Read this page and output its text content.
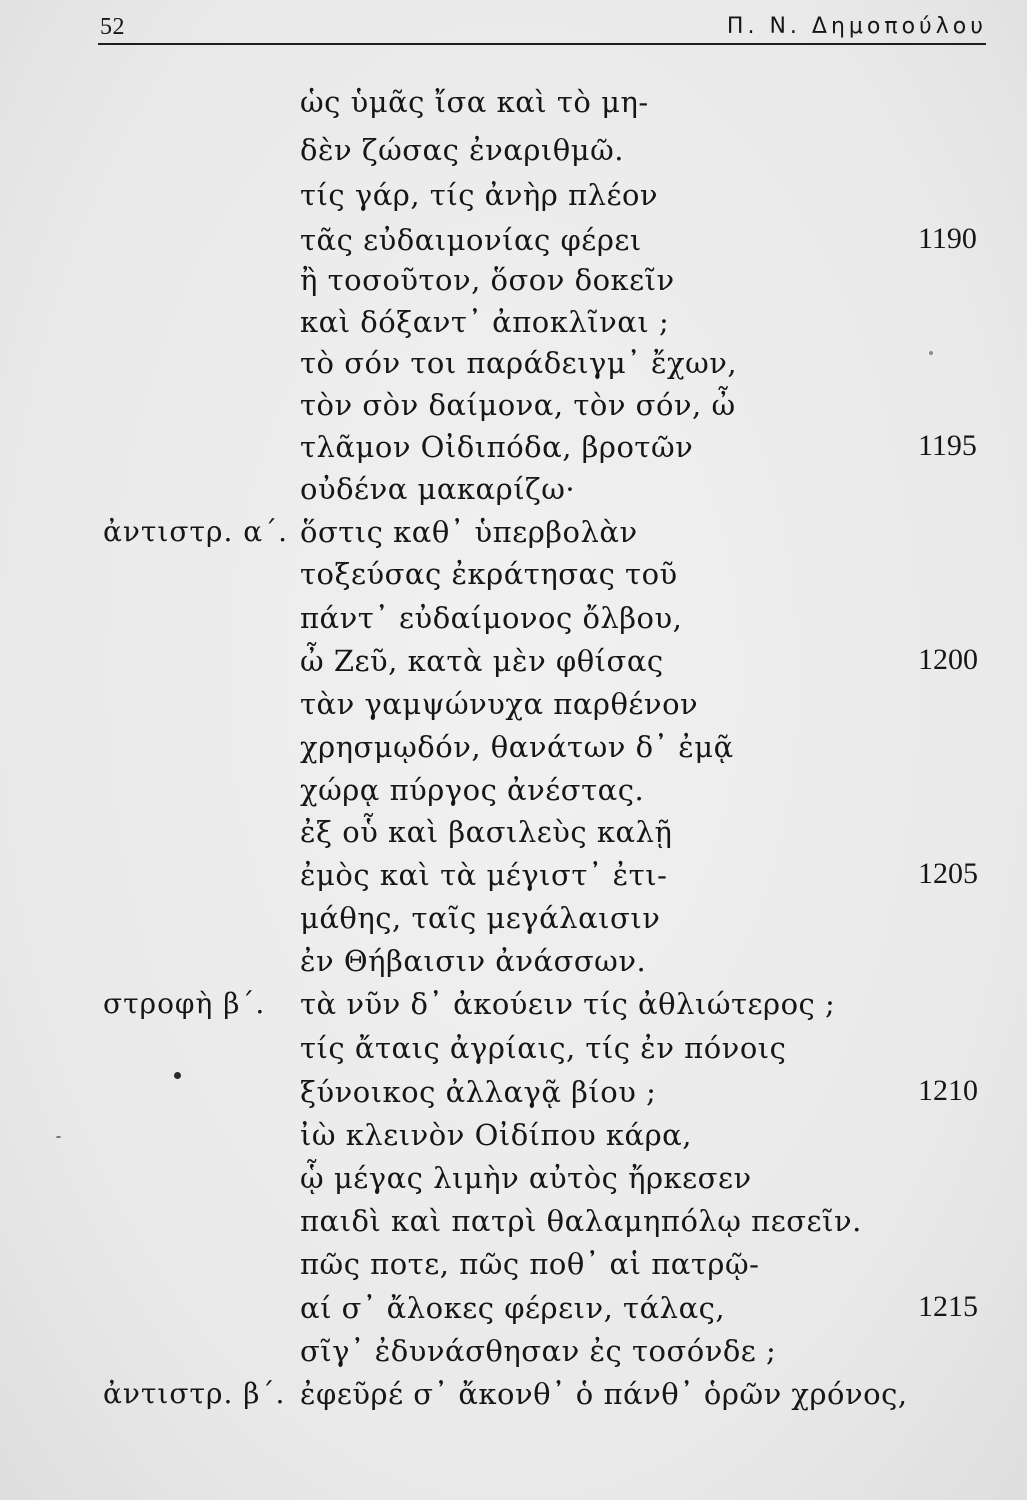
52	Π. Ν. Δημοπούλου
ὡς ὑμᾶς ἴσα καὶ τὸ μη-
δὲν ζώσας ἐναριθμῶ.
τίς γάρ, τίς ἀνὴρ πλέον
τᾶς εὐδαιμονίας φέρει
ἢ τοσοῦτον, ὅσον δοκεῖν
καὶ δόξαντ᾽ ἀποκλῖναι ;
τὸ σόν τοι παράδειγμ᾽ ἔχων,
τὸν σὸν δαίμονα, τὸν σόν, ὦ
τλᾶμον Οἰδιπόδα, βροτῶν
οὐδένα μακαρίζω·
ὅστις καθ᾽ ὑπερβολὰν
τοξεύσας ἐκράτησας τοῦ
πάντ᾽ εὐδαίμονος ὄλβου,
ὦ Ζεῦ, κατὰ μὲν φθίσας
τὰν γαμψώνυχα παρθένον
χρησμῳδόν, θανάτων δ᾽ ἐμᾷ
χώρᾳ πύργος ἀνέστας.
ἐξ οὗ καὶ βασιλεὺς καλῇ
ἐμὸς καὶ τὰ μέγιστ᾽ ἐτι-
μάθης, ταῖς μεγάλαισιν
ἐν Θήβαισιν ἀνάσσων.
τὰ νῦν δ᾽ ἀκούειν τίς ἀθλιώτερος ;
τίς ἄταις ἀγρίαις, τίς ἐν πόνοις
ξύνοικος ἀλλαγᾷ βίου ;
ἰὼ κλεινὸν Οἰδίπου κάρα,
ᾧ μέγας λιμὴν αὐτὸς ἤρκεσεν
παιδὶ καὶ πατρὶ θαλαμηπόλῳ πεσεῖν.
πῶς ποτε, πῶς ποθ᾽ αἱ πατρῷ-
αί σ᾽ ἄλοκες φέρειν, τάλας,
σῖγ᾽ ἐδυνάσθησαν ἐς τοσόνδε ;
ἐφεῦρέ σ᾽ ἄκονθ᾽ ὁ πάνθ᾽ ὁρῶν χρόνος,
ἀντιστρ. α΄.
στροφὴ β΄.
ἀντιστρ. β΄.
1190
1195
1200
1205
1210
1215
